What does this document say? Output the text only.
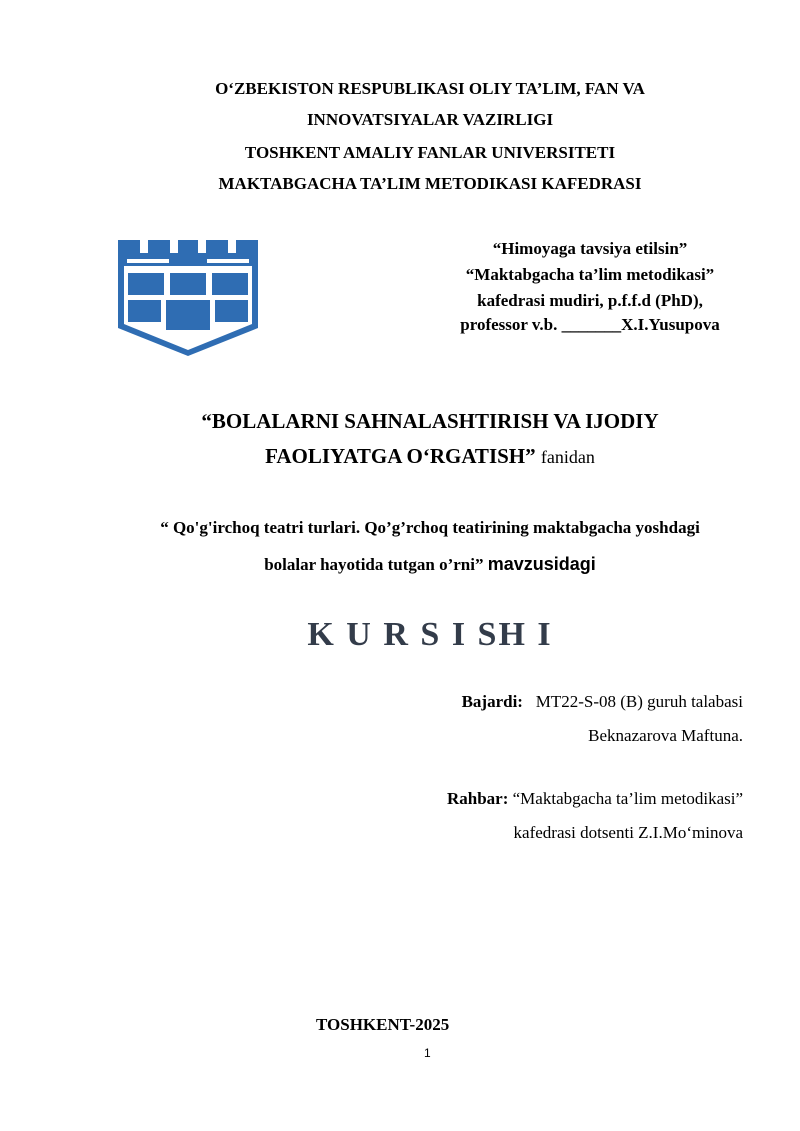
O‘ZBEKISTON RESPUBLIKASI OLIY TA’LIM, FAN VA
INNOVATSIYALAR VAZIRLIGI
TOSHKENT AMALIY FANLAR UNIVERSITETI
MAKTABGACHA TA’LIM METODIKASI KAFEDRASI
“Himoyaga tavsiya etilsin”
“Maktabgacha ta’lim metodikasi”
kafedrasi mudiri, p.f.f.d (PhD),
professor v.b. _______X.I.Yusupova
“BOLALARNI SAHNALASHTIRISH VA IJODIY
FAOLIYATGA O‘RGATISH” fanidan
“ Qo'g'irchoq teatri turlari. Qo’g’rchoq teatirining maktabgacha yoshdagi
bolalar hayotida tutgan o’rni” mavzusidagi
K U R S I SH I
Bajardi: MT22-S-08 (B) guruh talabasi
Beknazarova Maftuna.
Rahbar: “Maktabgacha ta’lim metodikasi”
kafedrasi dotsenti Z.I.Mo‘minova
TOSHKENT-2025
1
